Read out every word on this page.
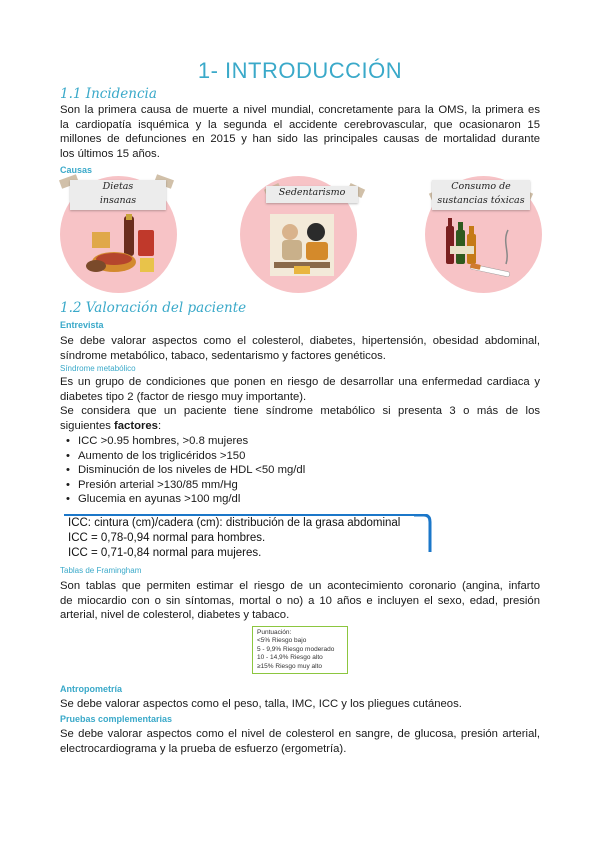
1- INTRODUCCIÓN
1.1 Incidencia
Son la primera causa de muerte a nivel mundial, concretamente para la OMS, la primera es
la cardiopatía isquémica y la segunda el accidente cerebrovascular, que ocasionaron 15
millones de defunciones en 2015 y han sido las principales causas de mortalidad durante
los últimos 15 años.
Causas
Dietas
insanas
Sedentarismo
Consumo de
sustancias tóxicas
1.2 Valoración del paciente
Entrevista
Se debe valorar aspectos como el colesterol, diabetes, hipertensión, obesidad abdominal,
síndrome metabólico, tabaco, sedentarismo y factores genéticos.
Síndrome metabólico
Es un grupo de condiciones que ponen en riesgo de desarrollar una enfermedad cardiaca y
diabetes tipo 2 (factor de riesgo muy importante).
Se considera que un paciente tiene síndrome metabólico si presenta 3 o más de los
siguientes factores:
• ICC >0.95 hombres, >0.8 mujeres
• Aumento de los triglicéridos >150
• Disminución de los niveles de HDL <50 mg/dl
• Presión arterial >130/85 mm/Hg
• Glucemia en ayunas >100 mg/dl
ICC: cintura (cm)/cadera (cm): distribución de la grasa abdominal
ICC = 0,78-0,94 normal para hombres.
ICC = 0,71-0,84 normal para mujeres.
Tablas de Framingham
Son tablas que permiten estimar el riesgo de un acontecimiento coronario (angina, infarto
de miocardio con o sin síntomas, mortal o no) a 10 años e incluyen el sexo, edad, presión
arterial, nivel de colesterol, diabetes y tabaco.
Puntuación:
<5% Riesgo bajo
5 - 9,9% Riesgo moderado
10 - 14,9% Riesgo alto
≥15% Riesgo muy alto
Antropometría
Se debe valorar aspectos como el peso, talla, IMC, ICC y los pliegues cutáneos.
Pruebas complementarias
Se debe valorar aspectos como el nivel de colesterol en sangre, de glucosa, presión arterial,
electrocardiograma y la prueba de esfuerzo (ergometría).
